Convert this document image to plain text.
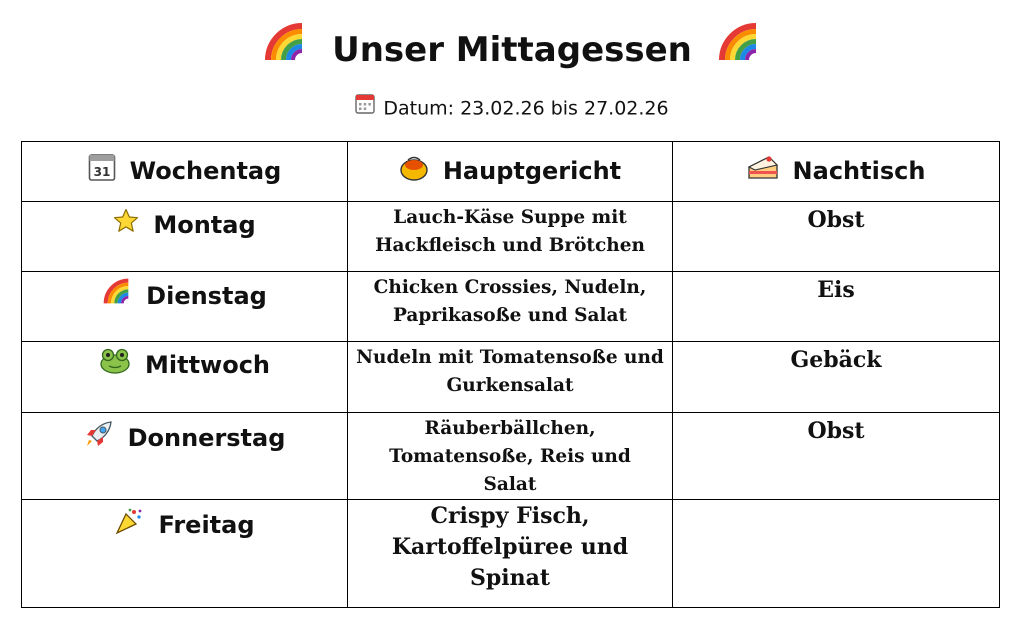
Unser Mittagessen
Datum: 23.02.26 bis 27.02.26
31 Wochentag	Hauptgericht	Nachtisch

Montag	Lauch-Käse Suppe mit Hackfleisch und Brötchen	Obst

Dienstag	Chicken Crossies, Nudeln, Paprikasoße und Salat	Eis

Mittwoch	Nudeln mit Tomatensoße und Gurkensalat	Gebäck

Donnerstag	Räuberbällchen, Tomatensoße, Reis und Salat	Obst

Freitag	Crispy Fisch, Kartoffelpüree und Spinat	
